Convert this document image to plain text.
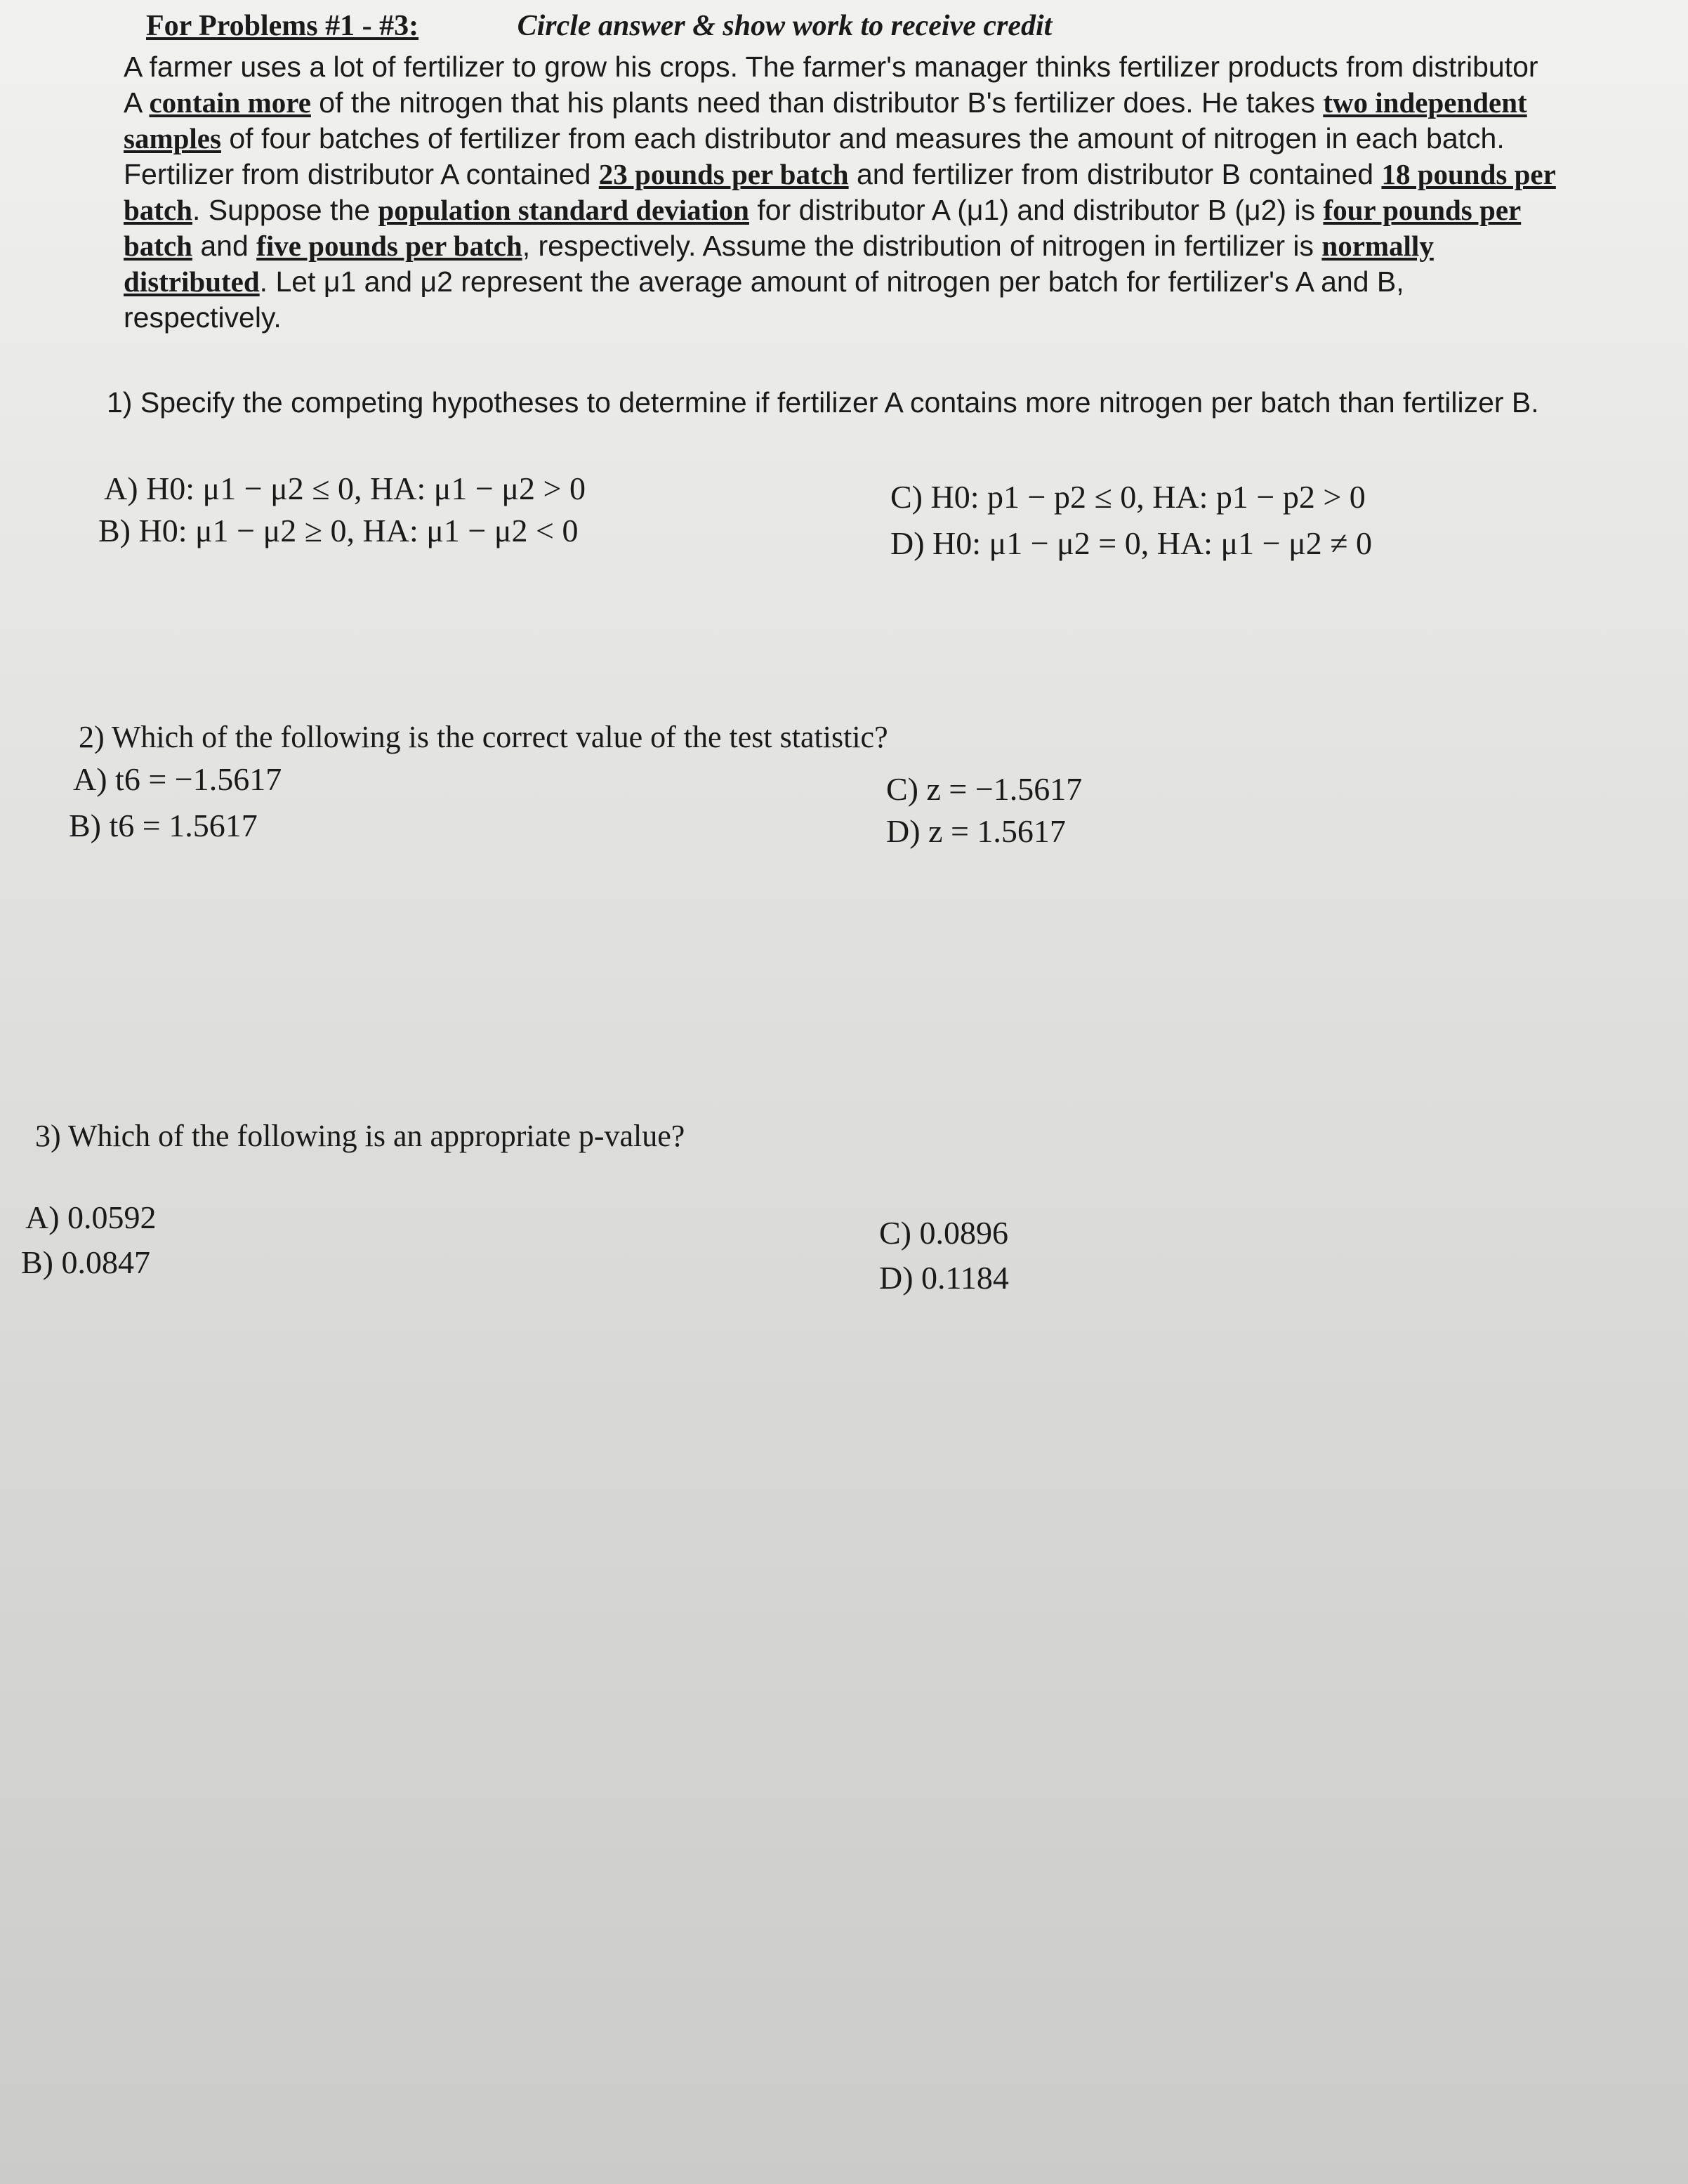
For Problems #1 - #3:	Circle answer & show work to receive credit
A farmer uses a lot of fertilizer to grow his crops. The farmer's manager thinks fertilizer products from distributor A contain more of the nitrogen that his plants need than distributor B's fertilizer does. He takes two independent samples of four batches of fertilizer from each distributor and measures the amount of nitrogen in each batch. Fertilizer from distributor A contained 23 pounds per batch and fertilizer from distributor B contained 18 pounds per batch. Suppose the population standard deviation for distributor A (μ1) and distributor B (μ2) is four pounds per batch and five pounds per batch, respectively. Assume the distribution of nitrogen in fertilizer is normally distributed. Let μ1 and μ2 represent the average amount of nitrogen per batch for fertilizer's A and B, respectively.
1) Specify the competing hypotheses to determine if fertilizer A contains more nitrogen per batch than fertilizer B.
A) H0: μ1 − μ2 ≤ 0, HA: μ1 − μ2 > 0
B) H0: μ1 − μ2 ≥ 0, HA: μ1 − μ2 < 0
C) H0: p1 − p2 ≤ 0, HA: p1 − p2 > 0
D) H0: μ1 − μ2 = 0, HA: μ1 − μ2 ≠ 0
2) Which of the following is the correct value of the test statistic?
A) t6 = −1.5617
B) t6 = 1.5617
C) z = −1.5617
D) z = 1.5617
3) Which of the following is an appropriate p-value?
A) 0.0592
B) 0.0847
C) 0.0896
D) 0.1184
